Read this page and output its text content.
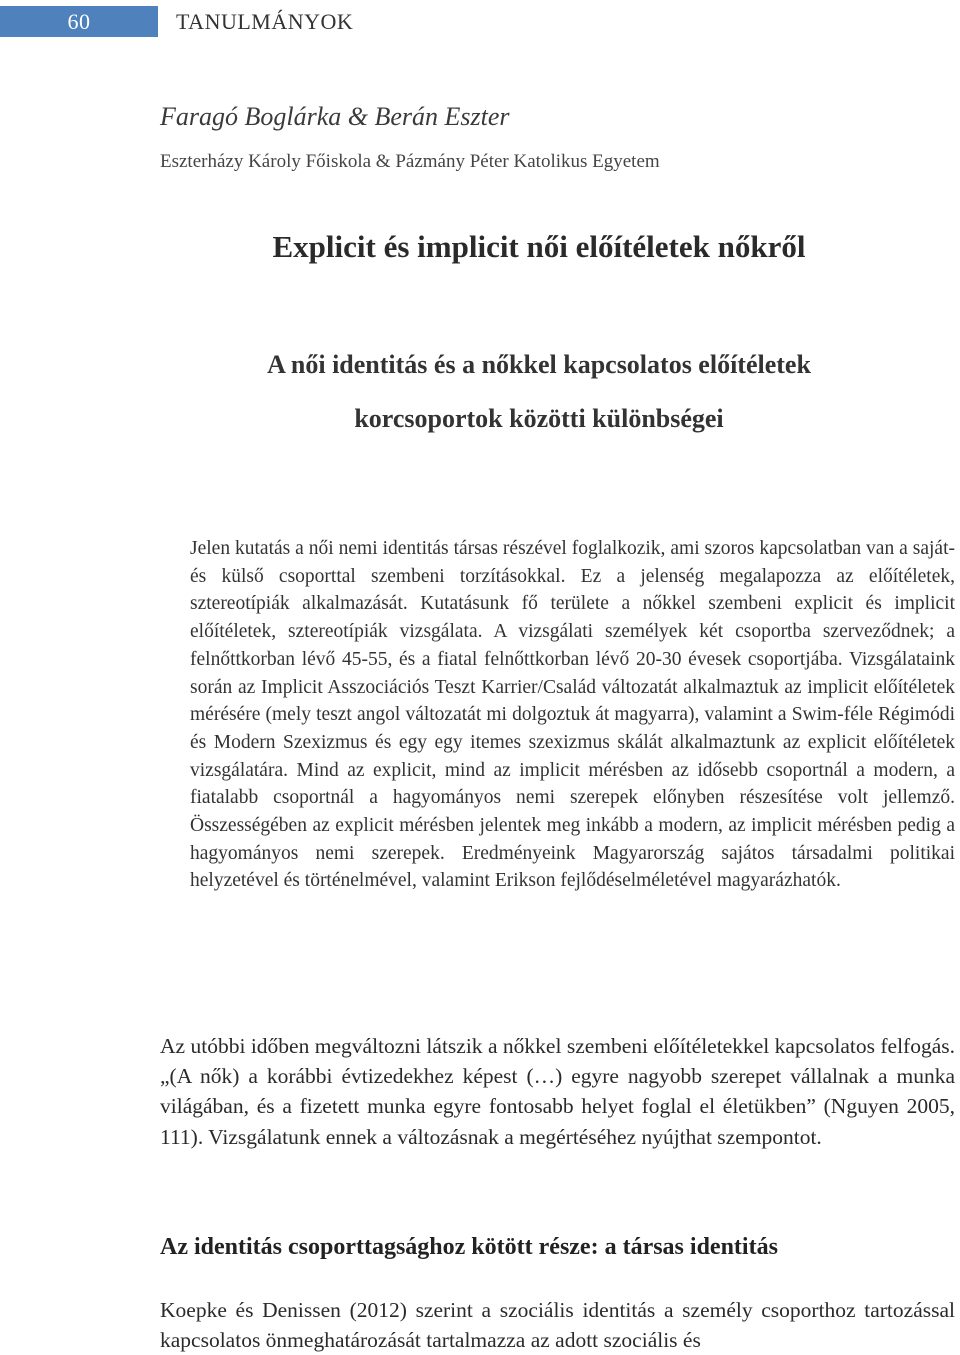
60	TANULMÁNYOK
Faragó Boglárka & Berán Eszter
Eszterházy Károly Főiskola & Pázmány Péter Katolikus Egyetem
Explicit és implicit női előítéletek nőkről
A női identitás és a nőkkel kapcsolatos előítéletek
korcsoportok közötti különbségei

Jelen kutatás a női nemi identitás társas részével foglalkozik, ami szoros kapcsolatban van a saját- és külső csoporttal szembeni torzításokkal. Ez a jelenség megalapozza az előítéletek, sztereotípiák alkalmazását. Kutatásunk fő területe a nőkkel szembeni explicit és implicit előítéletek, sztereotípiák vizsgálata. A vizsgálati személyek két csoportba szerveződnek; a felnőttkorban lévő 45-55, és a fiatal felnőttkorban lévő 20-30 évesek csoportjába. Vizsgálataink során az Implicit Asszociációs Teszt Karrier/Család változatát alkalmaztuk az implicit előítéletek mérésére (mely teszt angol változatát mi dolgoztuk át magyarra), valamint a Swim-féle Régimódi és Modern Szexizmus és egy egy itemes szexizmus skálát alkalmaztunk az explicit előítéletek vizsgálatára. Mind az explicit, mind az implicit mérésben az idősebb csoportnál a modern, a fiatalabb csoportnál a hagyományos nemi szerepek előnyben részesítése volt jellemző. Összességében az explicit mérésben jelentek meg inkább a modern, az implicit mérésben pedig a hagyományos nemi szerepek. Eredményeink Magyarország sajátos társadalmi politikai helyzetével és történelmével, valamint Erikson fejlődéselméletével magyarázhatók.

Az utóbbi időben megváltozni látszik a nőkkel szembeni előítéletekkel kapcsolatos felfogás. „(A nők) a korábbi évtizedekhez képest (…) egyre nagyobb szerepet vállalnak a munka világában, és a fizetett munka egyre fontosabb helyet foglal el életükben” (Nguyen 2005, 111). Vizsgálatunk ennek a változásnak a megértéséhez nyújthat szempontot.

Az identitás csoporttagsághoz kötött része: a társas identitás

Koepke és Denissen (2012) szerint a szociális identitás a személy csoporthoz tartozással kapcsolatos önmeghatározását tartalmazza az adott szociális és
